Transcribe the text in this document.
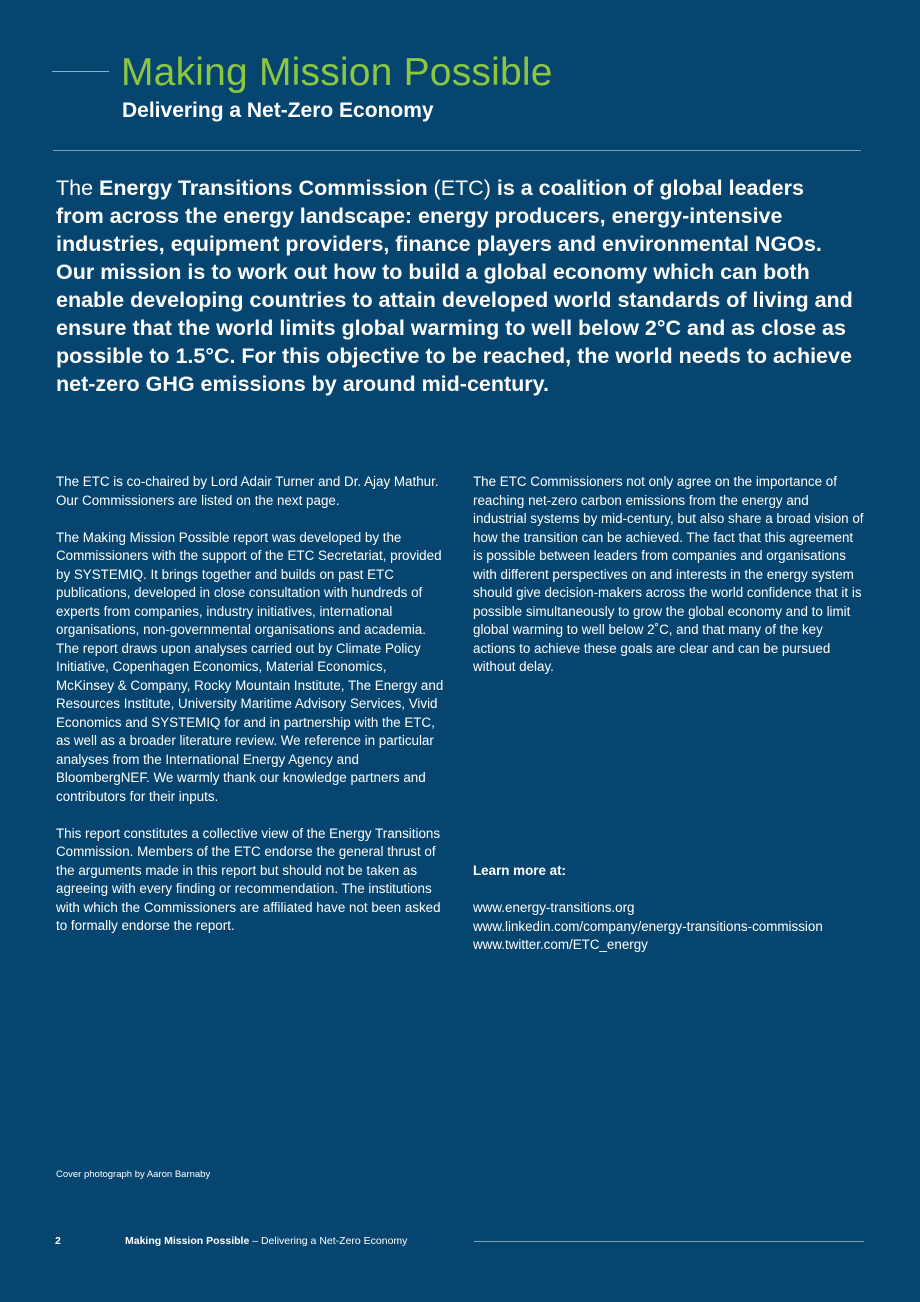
Making Mission Possible
Delivering a Net-Zero Economy

The Energy Transitions Commission (ETC) is a coalition of global leaders from across the energy landscape: energy producers, energy-intensive industries, equipment providers, finance players and environmental NGOs. Our mission is to work out how to build a global economy which can both enable developing countries to attain developed world standards of living and ensure that the world limits global warming to well below 2°C and as close as possible to 1.5°C. For this objective to be reached, the world needs to achieve net-zero GHG emissions by around mid-century.

The ETC is co-chaired by Lord Adair Turner and Dr. Ajay Mathur. Our Commissioners are listed on the next page.

The Making Mission Possible report was developed by the Commissioners with the support of the ETC Secretariat, provided by SYSTEMIQ. It brings together and builds on past ETC publications, developed in close consultation with hundreds of experts from companies, industry initiatives, international organisations, non-governmental organisations and academia. The report draws upon analyses carried out by Climate Policy Initiative, Copenhagen Economics, Material Economics, McKinsey & Company, Rocky Mountain Institute, The Energy and Resources Institute, University Maritime Advisory Services, Vivid Economics and SYSTEMIQ for and in partnership with the ETC, as well as a broader literature review. We reference in particular analyses from the International Energy Agency and BloombergNEF. We warmly thank our knowledge partners and contributors for their inputs.

This report constitutes a collective view of the Energy Transitions Commission. Members of the ETC endorse the general thrust of the arguments made in this report but should not be taken as agreeing with every finding or recommendation. The institutions with which the Commissioners are affiliated have not been asked to formally endorse the report.

The ETC Commissioners not only agree on the importance of reaching net-zero carbon emissions from the energy and industrial systems by mid-century, but also share a broad vision of how the transition can be achieved. The fact that this agreement is possible between leaders from companies and organisations with different perspectives on and interests in the energy system should give decision-makers across the world confidence that it is possible simultaneously to grow the global economy and to limit global warming to well below 2˚C, and that many of the key actions to achieve these goals are clear and can be pursued without delay.

Learn more at:

www.energy-transitions.org

www.linkedin.com/company/energy-transitions-commission

www.twitter.com/ETC_energy

Cover photograph by Aaron Barnaby
2	Making Mission Possible – Delivering a Net-Zero Economy
